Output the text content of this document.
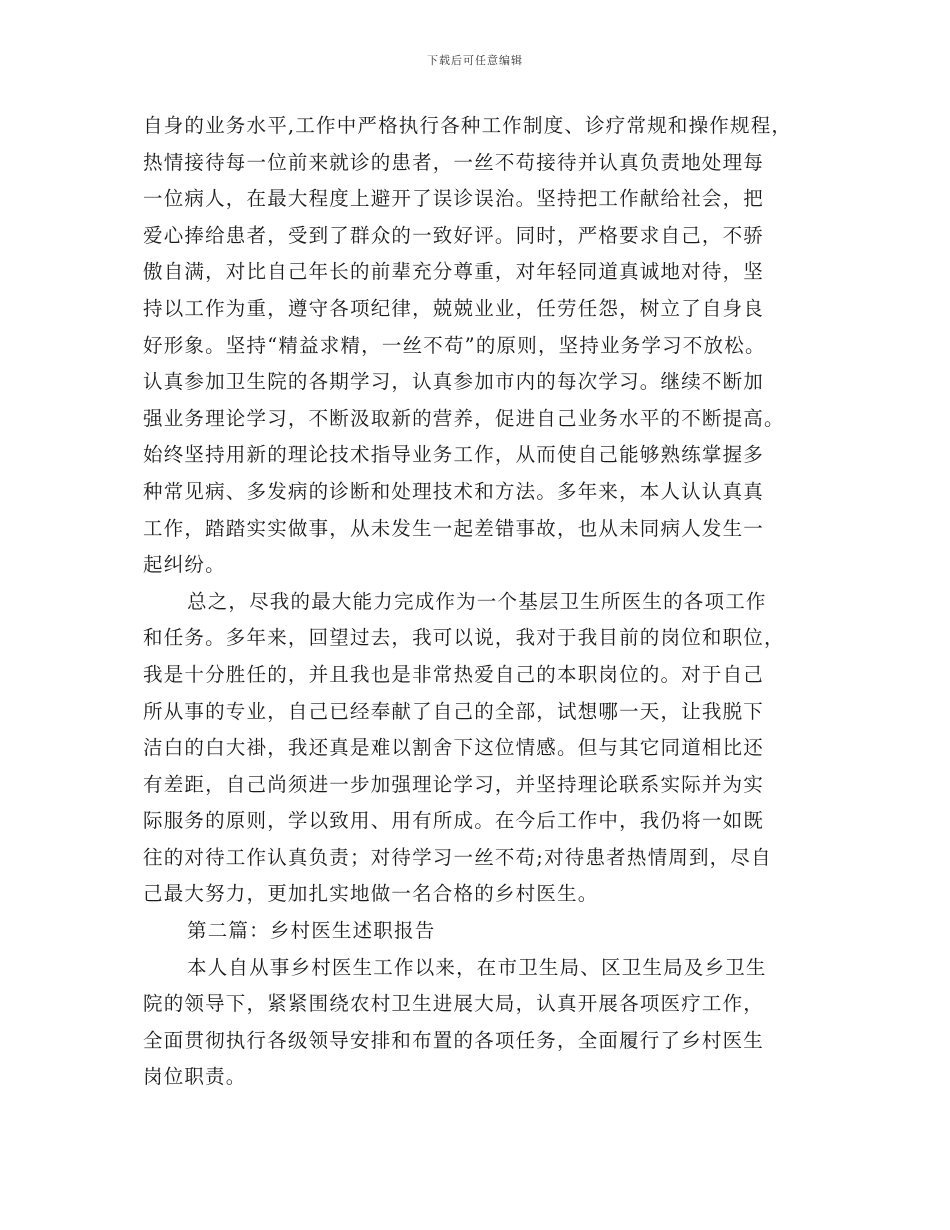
下载后可任意编辑
自身的业务水平,工作中严格执行各种工作制度、诊疗常规和操作规程，
热情接待每一位前来就诊的患者，一丝不苟接待并认真负责地处理每
一位病人，在最大程度上避开了误诊误治。坚持把工作献给社会，把
爱心捧给患者，受到了群众的一致好评。同时，严格要求自己，不骄
傲自满，对比自己年长的前辈充分尊重，对年轻同道真诚地对待，坚
持以工作为重，遵守各项纪律，兢兢业业，任劳任怨，树立了自身良
好形象。坚持“精益求精，一丝不苟”的原则，坚持业务学习不放松。
认真参加卫生院的各期学习，认真参加市内的每次学习。继续不断加
强业务理论学习，不断汲取新的营养，促进自己业务水平的不断提高。
始终坚持用新的理论技术指导业务工作，从而使自己能够熟练掌握多
种常见病、多发病的诊断和处理技术和方法。多年来，本人认认真真
工作，踏踏实实做事，从未发生一起差错事故，也从未同病人发生一
起纠纷。
总之，尽我的最大能力完成作为一个基层卫生所医生的各项工作
和任务。多年来，回望过去，我可以说，我对于我目前的岗位和职位，
我是十分胜任的，并且我也是非常热爱自己的本职岗位的。对于自己
所从事的专业，自己已经奉献了自己的全部，试想哪一天，让我脱下
洁白的白大褂，我还真是难以割舍下这位情感。但与其它同道相比还
有差距，自己尚须进一步加强理论学习，并坚持理论联系实际并为实
际服务的原则，学以致用、用有所成。在今后工作中，我仍将一如既
往的对待工作认真负责；对待学习一丝不苟;对待患者热情周到，尽自
己最大努力，更加扎实地做一名合格的乡村医生。
第二篇：乡村医生述职报告
本人自从事乡村医生工作以来，在市卫生局、区卫生局及乡卫生
院的领导下，紧紧围绕农村卫生进展大局，认真开展各项医疗工作，
全面贯彻执行各级领导安排和布置的各项任务，全面履行了乡村医生
岗位职责。
